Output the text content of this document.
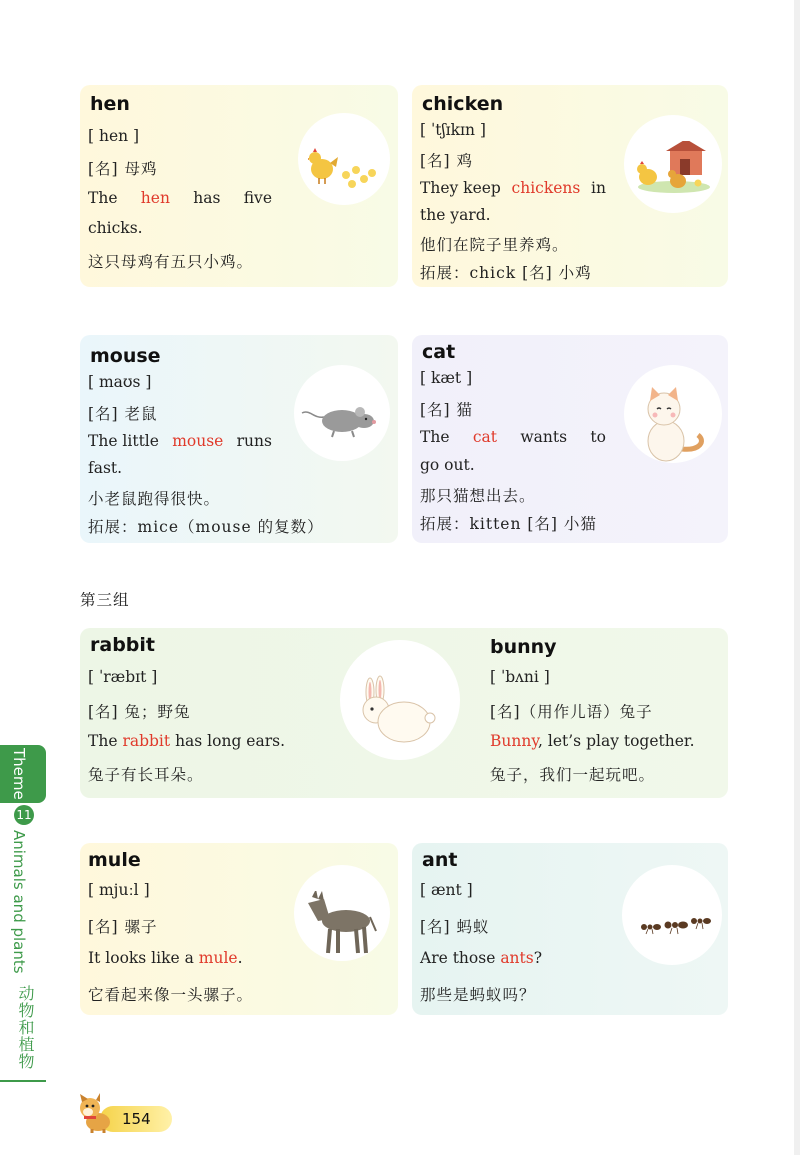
hen
[ hen ]
[名] 母鸡
The hen has five
chicks.
这只母鸡有五只小鸡。
chicken
[ ˈtʃɪkɪn ]
[名] 鸡
They keep chickens in
the yard.
他们在院子里养鸡。
拓展：chick [名] 小鸡
mouse
[ maʊs ]
[名] 老鼠
The little mouse runs
fast.
小老鼠跑得很快。
拓展：mice（mouse 的复数）
cat
[ kæt ]
[名] 猫
The cat wants to
go out.
那只猫想出去。
拓展：kitten [名] 小猫
第三组
rabbit
[ ˈræbɪt ]
[名] 兔；野兔
The rabbit has long ears.
兔子有长耳朵。
bunny
[ ˈbʌni ]
[名]（用作儿语）兔子
Bunny, let’s play together.
兔子，我们一起玩吧。
mule
[ mjuːl ]
[名] 骡子
It looks like a mule.
它看起来像一头骡子。
ant
[ ænt ]
[名] 蚂蚁
Are those ants?
那些是蚂蚁吗？
Theme
11
Animals and plants
动物和植物
154
